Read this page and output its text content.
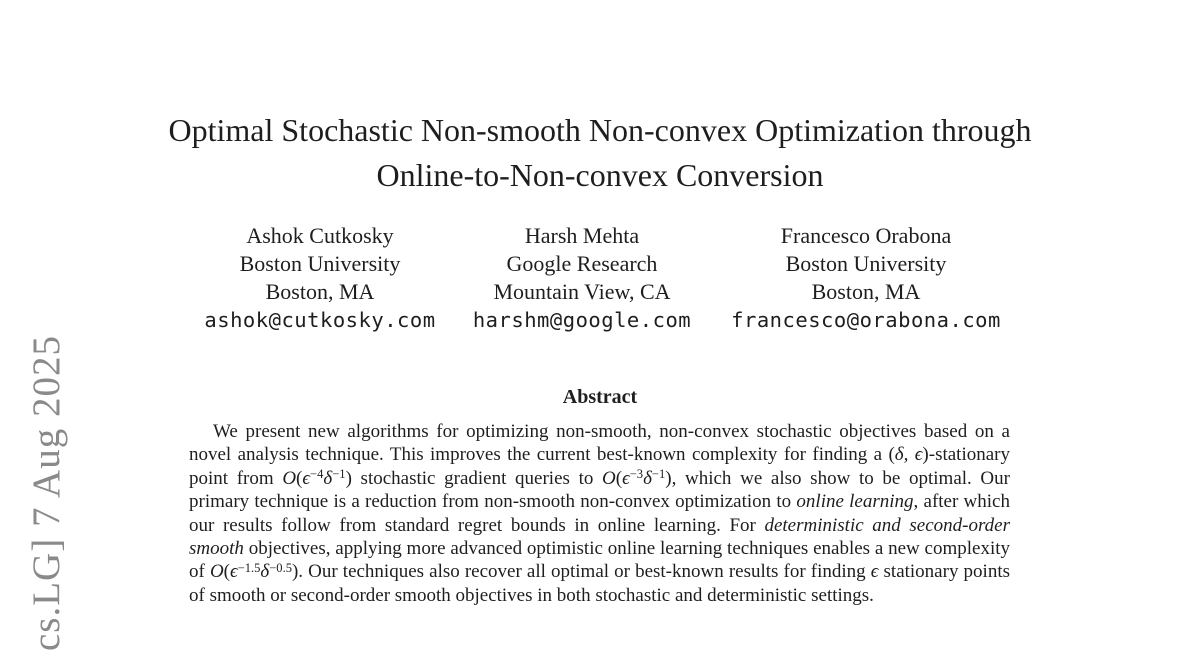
cs.LG] 7 Aug 2025
Optimal Stochastic Non-smooth Non-convex Optimization through
Online-to-Non-convex Conversion
Ashok Cutkosky
Boston University
Boston, MA
ashok@cutkosky.com
Harsh Mehta
Google Research
Mountain View, CA
harshm@google.com
Francesco Orabona
Boston University
Boston, MA
francesco@orabona.com
Abstract

We present new algorithms for optimizing non-smooth, non-convex stochastic objectives based on a novel analysis technique. This improves the current best-known complexity for finding a (δ, ϵ)-stationary point from $O(\epsilon^{-4}\delta^{-1})$ stochastic gradient queries to $O(\epsilon^{-3}\delta^{-1})$, which we also show to be optimal. Our primary technique is a reduction from non-smooth non-convex optimization to online learning, after which our results follow from standard regret bounds in online learning. For deterministic and second-order smooth objectives, applying more advanced optimistic online learning techniques enables a new complexity of $O(\epsilon^{-1.5}\delta^{-0.5})$. Our techniques also recover all optimal or best-known results for finding ϵ stationary points of smooth or second-order smooth objectives in both stochastic and deterministic settings.
